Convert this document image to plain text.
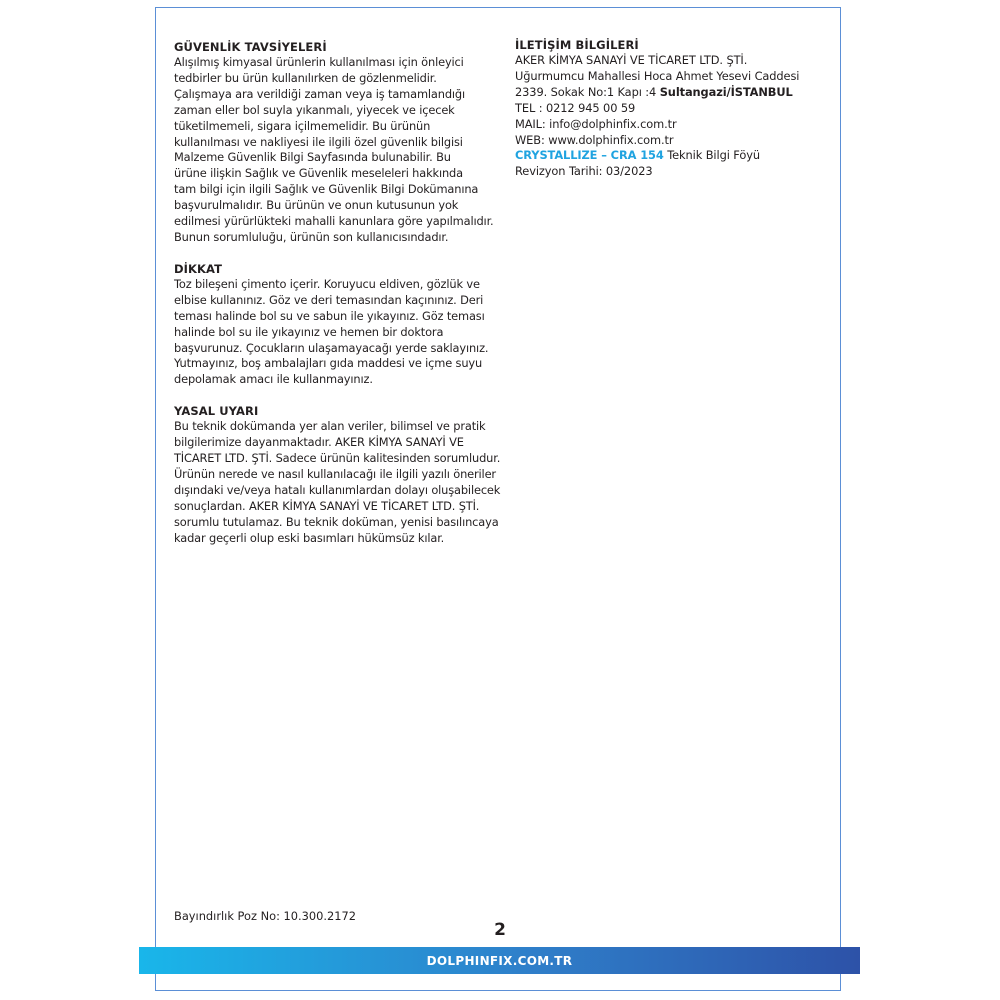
GÜVENLİK TAVSİYELERİ

Alışılmış kimyasal ürünlerin kullanılması için önleyici
tedbirler bu ürün kullanılırken de gözlenmelidir.
Çalışmaya ara verildiği zaman veya iş tamamlandığı
zaman eller bol suyla yıkanmalı, yiyecek ve içecek
tüketilmemeli, sigara içilmemelidir. Bu ürünün
kullanılması ve nakliyesi ile ilgili özel güvenlik bilgisi
Malzeme Güvenlik Bilgi Sayfasında bulunabilir. Bu
ürüne ilişkin Sağlık ve Güvenlik meseleleri hakkında
tam bilgi için ilgili Sağlık ve Güvenlik Bilgi Dokümanına
başvurulmalıdır. Bu ürünün ve onun kutusunun yok
edilmesi yürürlükteki mahalli kanunlara göre yapılmalıdır.
Bunun sorumluluğu, ürünün son kullanıcısındadır.

DİKKAT

Toz bileşeni çimento içerir. Koruyucu eldiven, gözlük ve
elbise kullanınız. Göz ve deri temasından kaçınınız. Deri
teması halinde bol su ve sabun ile yıkayınız. Göz teması
halinde bol su ile yıkayınız ve hemen bir doktora
başvurunuz. Çocukların ulaşamayacağı yerde saklayınız.
Yutmayınız, boş ambalajları gıda maddesi ve içme suyu
depolamak amacı ile kullanmayınız.

YASAL UYARI

Bu teknik dokümanda yer alan veriler, bilimsel ve pratik
bilgilerimize dayanmaktadır. AKER KİMYA SANAYİ VE
TİCARET LTD. ŞTİ. Sadece ürünün kalitesinden sorumludur.
Ürünün nerede ve nasıl kullanılacağı ile ilgili yazılı öneriler
dışındaki ve/veya hatalı kullanımlardan dolayı oluşabilecek
sonuçlardan. AKER KİMYA SANAYİ VE TİCARET LTD. ŞTİ.
sorumlu tutulamaz. Bu teknik doküman, yenisi basılıncaya
kadar geçerli olup eski basımları hükümsüz kılar.

İLETİŞİM BİLGİLERİ

AKER KİMYA SANAYİ VE TİCARET LTD. ŞTİ.

Uğurmumcu Mahallesi Hoca Ahmet Yesevi Caddesi

2339. Sokak No:1 Kapı :4 Sultangazi/İSTANBUL

TEL : 0212 945 00 59

MAIL: info@dolphinfix.com.tr

WEB: www.dolphinfix.com.tr

CRYSTALLIZE – CRA 154 Teknik Bilgi Föyü

Revizyon Tarihi: 03/2023

Bayındırlık Poz No: 10.300.2172
2
DOLPHINFIX.COM.TR
